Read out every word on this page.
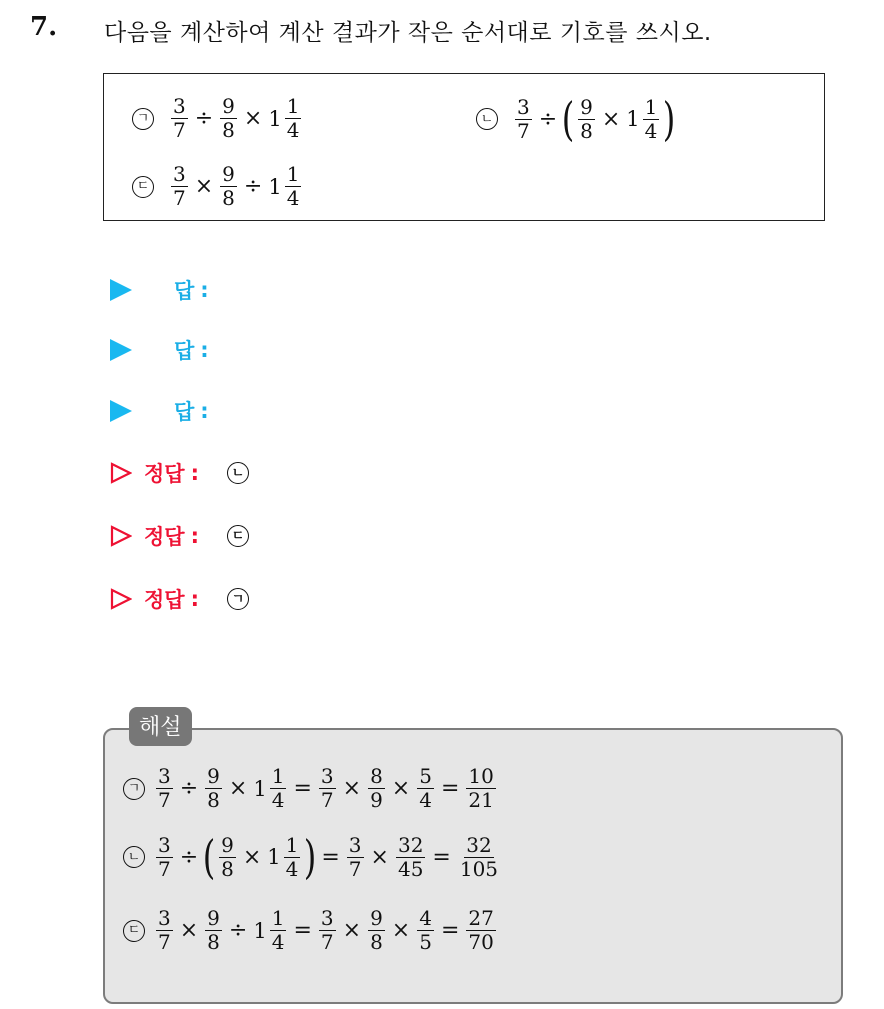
7. 다음을 계산하여 계산 결과가 작은 순서대로 기호를 쓰시오.
ㄱ $\frac{3}{7} \div \frac{9}{8} \times 1 \frac{1}{4}$	ㄴ $\frac{3}{7}$ ÷ ( $\frac{9}{8} \times 1 \frac{1}{4}$ )
ㄷ $\frac{3}{7} \times \frac{9}{8} \div 1 \frac{1}{4}$
답 :
답 :
답 :
정답 :	ㄴ
정답 :	ㄷ
정답 :	ㄱ
ㄱ $\frac{3}{7} \div \frac{9}{8} \times 1 \frac{1}{4} = \frac{3}{7} \times \frac{8}{9} \times \frac{5}{4} = \frac{10}{21}$
ㄴ $\frac{3}{7}$ ÷ ( $\frac{9}{8} \times 1 \frac{1}{4}$ ) = $\frac{3}{7} \times \frac{32}{45} = \frac{32}{105}$
ㄷ $\frac{3}{7} \times \frac{9}{8} \div 1 \frac{1}{4} = \frac{3}{7} \times \frac{9}{8} \times \frac{4}{5} = \frac{27}{70}$
해설
